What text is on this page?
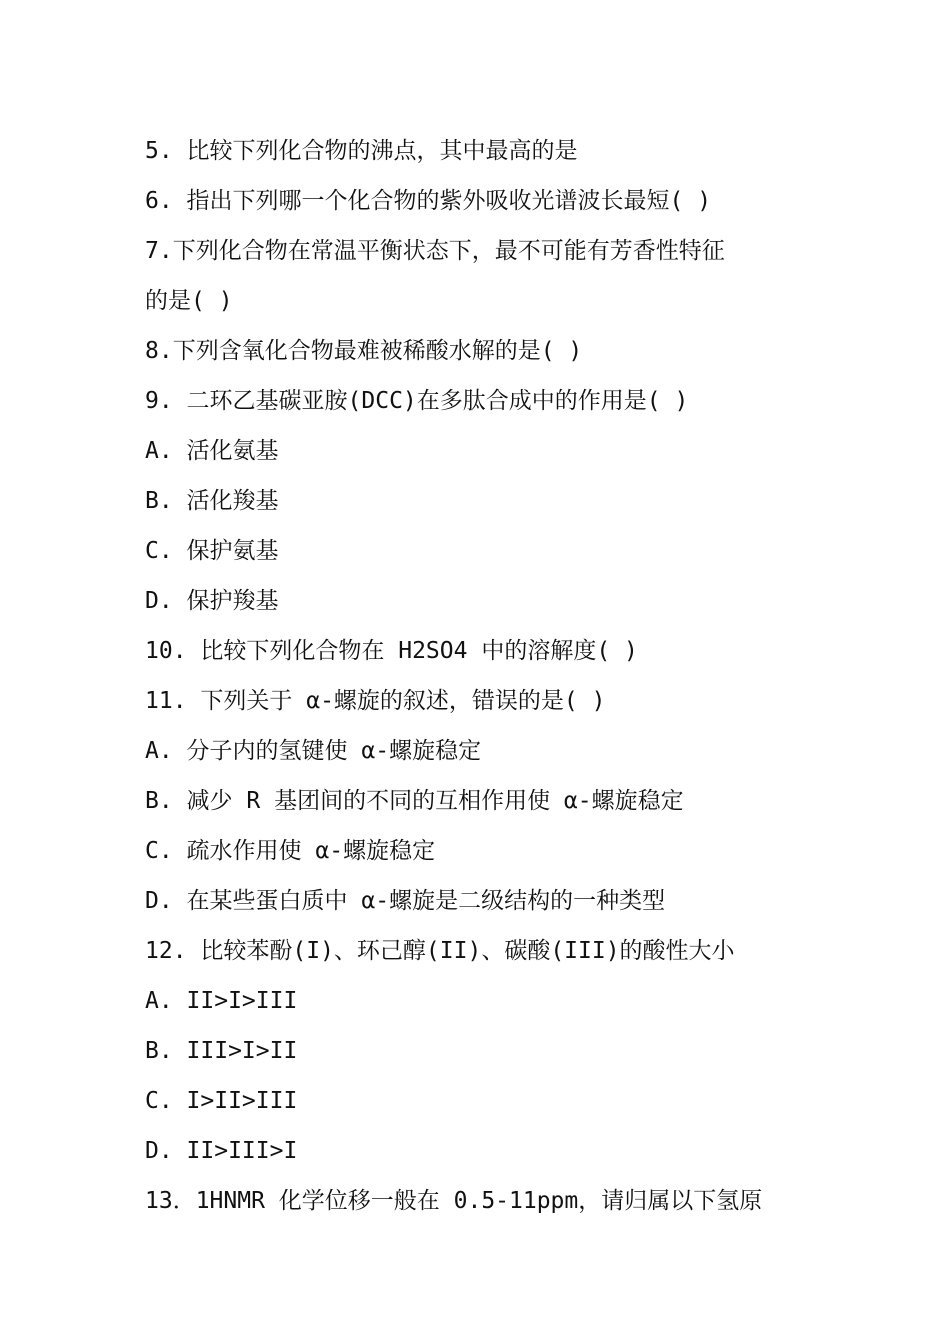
5. 比较下列化合物的沸点，其中最高的是
6. 指出下列哪一个化合物的紫外吸收光谱波长最短( )
7.下列化合物在常温平衡状态下，最不可能有芳香性特征
的是( )
8.下列含氧化合物最难被稀酸水解的是( )
9. 二环乙基碳亚胺(DCC)在多肽合成中的作用是( )
A. 活化氨基
B. 活化羧基
C. 保护氨基
D. 保护羧基
10. 比较下列化合物在 H2SO4 中的溶解度( )
11. 下列关于 α-螺旋的叙述，错误的是( )
A. 分子内的氢键使 α-螺旋稳定
B. 减少 R 基团间的不同的互相作用使 α-螺旋稳定
C. 疏水作用使 α-螺旋稳定
D. 在某些蛋白质中 α-螺旋是二级结构的一种类型
12. 比较苯酚(I)、环己醇(II)、碳酸(III)的酸性大小
A. II>I>III
B. III>I>II
C. I>II>III
D. II>III>I
13．1HNMR 化学位移一般在 0.5-11ppm，请归属以下氢原
